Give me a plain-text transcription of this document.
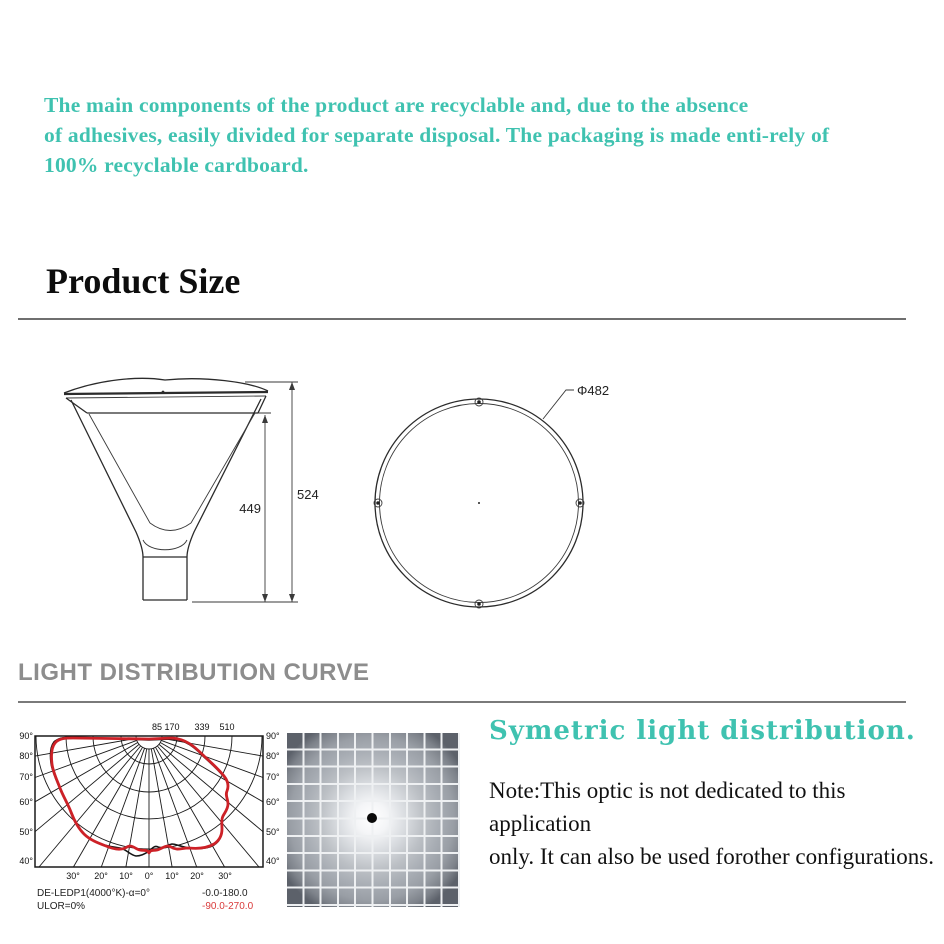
The main components of the product are recyclable and, due to the absence
of adhesives, easily divided for separate disposal. The packaging is made enti-rely of
100% recyclable cardboard.
Product Size
524
449
Φ482
LIGHT DISTRIBUTION CURVE
85 170 339 510
90°
80°
70°
60°
50°
40°
90°
80°
70°
60°
50°
40°
30° 20° 10° 0° 10° 20° 30°
DE-LEDP1(4000°K)-α=0°
ULOR=0%
-0.0-180.0
-90.0-270.0
Symetric light distribution.
Note:This optic is not dedicated to this application
only. It can also be used forother configurations.
